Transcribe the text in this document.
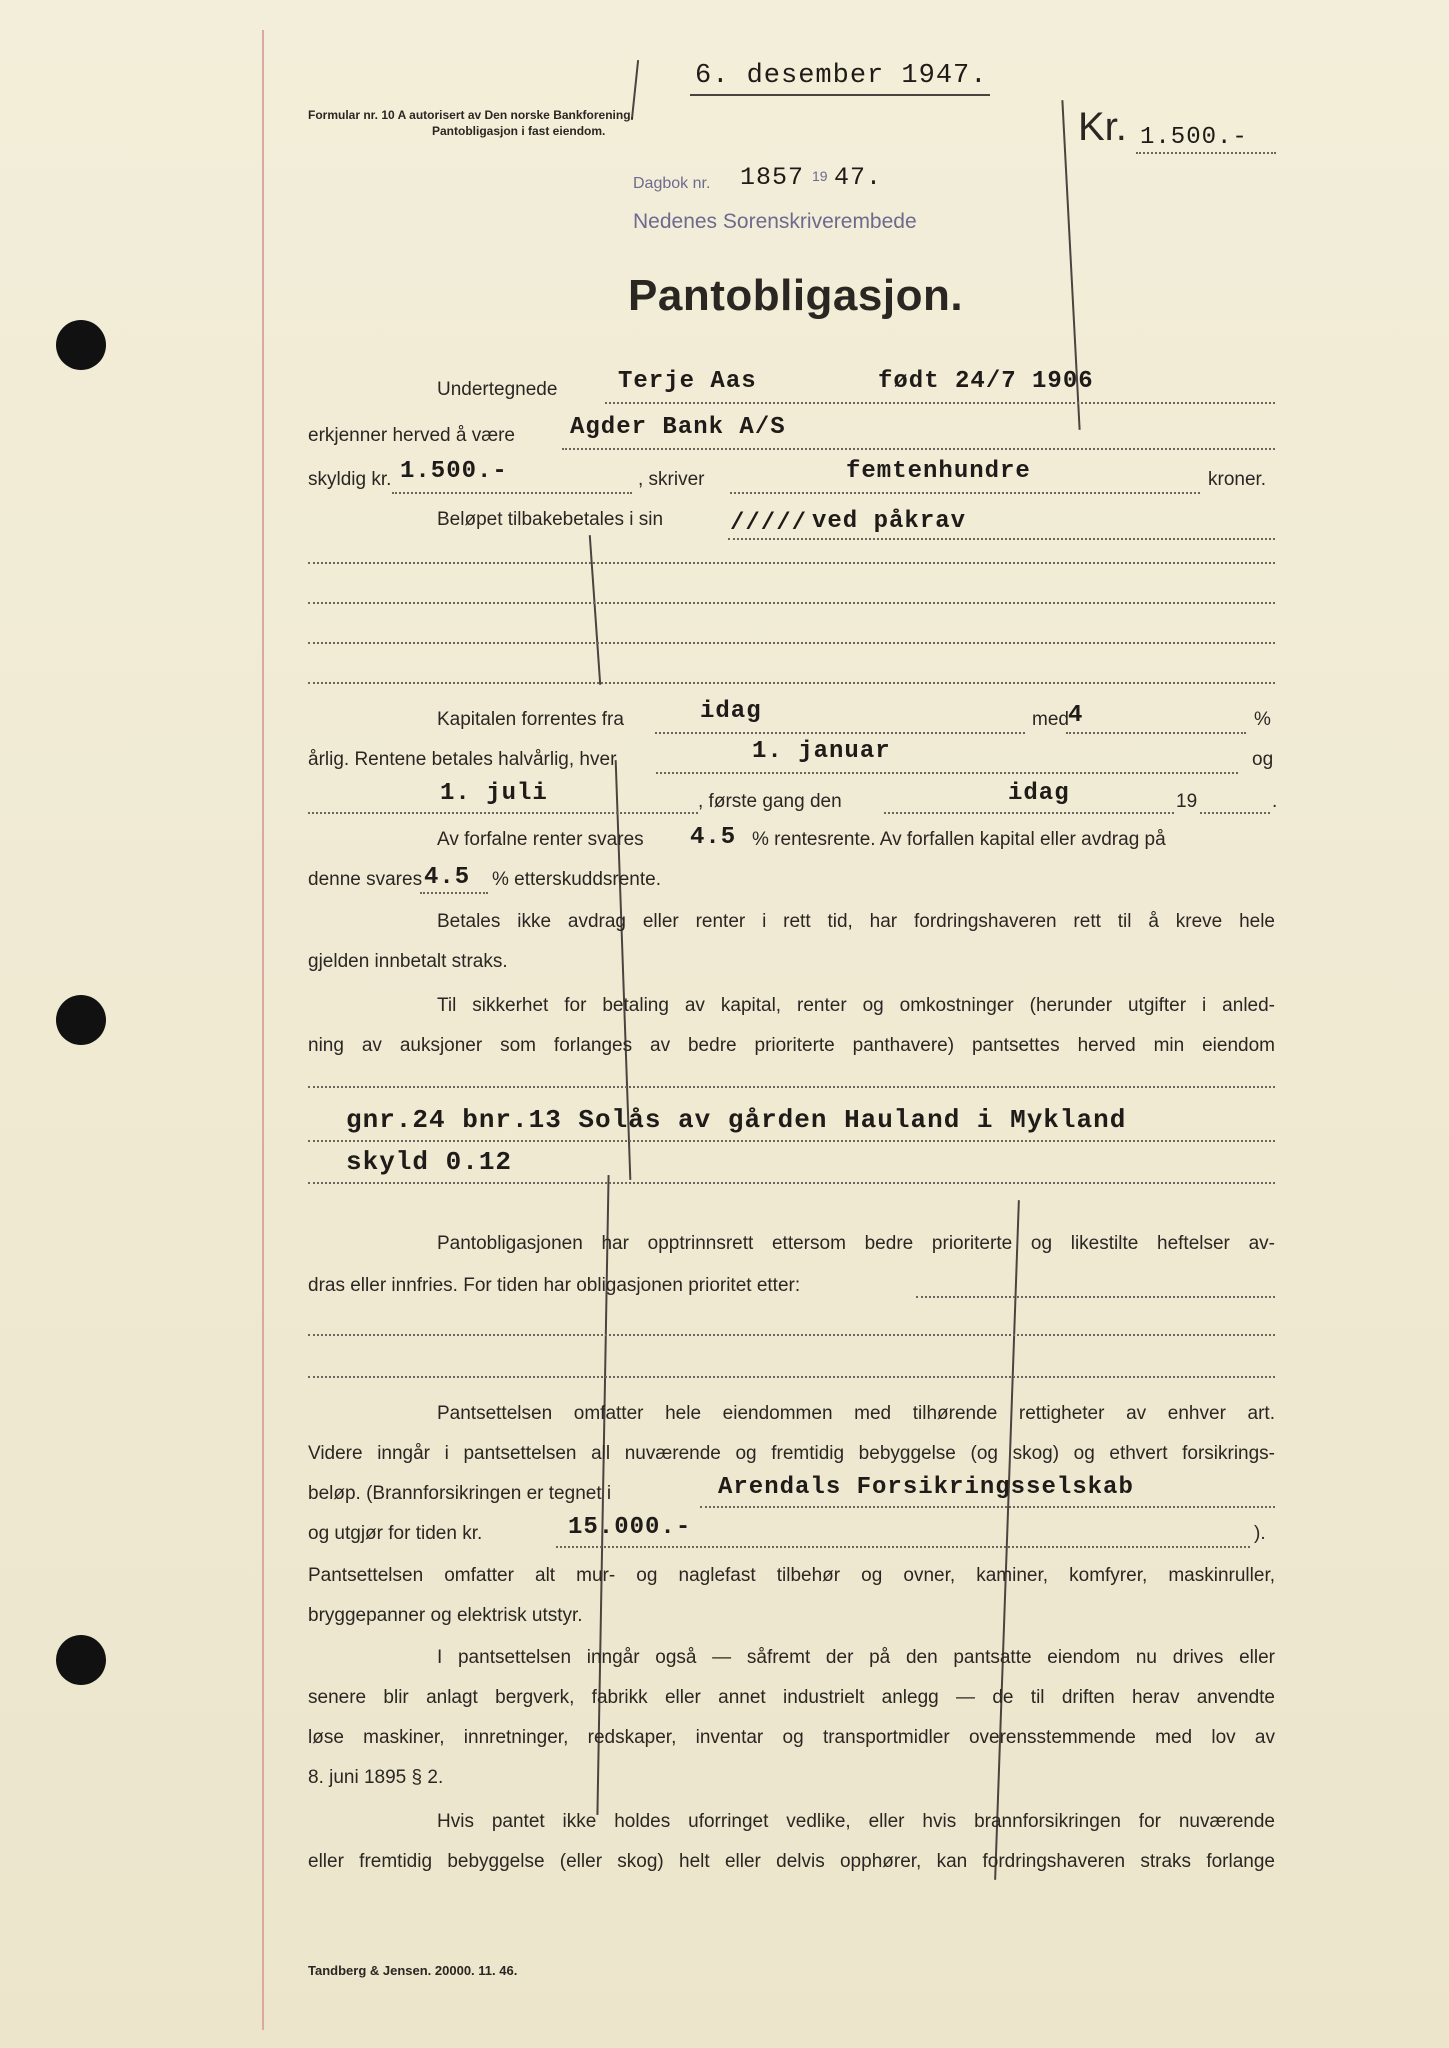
6. desember 1947.
Formular nr. 10 A autorisert av Den norske Bankforening.
Pantobligasjon i fast eiendom.	Kr. 1.500.-
Dagbok nr. 1857 19 47.
Nedenes Sorenskriverembede
Pantobligasjon.
Undertegnede	Terje Aas	født 24/7 1906
erkjenner herved å være Agder Bank A/S
skyldig kr. 1.500.-	, skriver	femtenhundre	kroner.
Beløpet tilbakebetales i sin	///// ved påkrav
Kapitalen forrentes fra	idag	med 4	%
årlig. Rentene betales halvårlig, hver	1. januar	og
1. juli	, første gang den	idag	19	.
Av forfalne renter svares 4.5 % rentesrente. Av forfallen kapital eller avdrag på
denne svares 4.5 % etterskuddsrente.
Betales ikke avdrag eller renter i rett tid, har fordringshaveren rett til å kreve hele
gjelden innbetalt straks.
Til sikkerhet for betaling av kapital, renter og omkostninger (herunder utgifter i anled-
ning av auksjoner som forlanges av bedre prioriterte panthavere) pantsettes herved min eiendom
gnr.24 bnr.13 Solås av gården Hauland i Mykland
skyld 0.12
Pantobligasjonen har opptrinnsrett ettersom bedre prioriterte og likestilte heftelser av-
dras eller innfries. For tiden har obligasjonen prioritet etter:
Pantsettelsen omfatter hele eiendommen med tilhørende rettigheter av enhver art.
Videre inngår i pantsettelsen all nuværende og fremtidig bebyggelse (og skog) og ethvert forsikrings-
beløp. (Brannforsikringen er tegnet i	Arendals Forsikringsselskab
og utgjør for tiden kr.	15.000.-	).
Pantsettelsen omfatter alt mur- og naglefast tilbehør og ovner, kaminer, komfyrer, maskinruller,
bryggepanner og elektrisk utstyr.
I pantsettelsen inngår også — såfremt der på den pantsatte eiendom nu drives eller
senere blir anlagt bergverk, fabrikk eller annet industrielt anlegg — de til driften herav anvendte
løse maskiner, innretninger, redskaper, inventar og transportmidler overensstemmende med lov av
8. juni 1895 § 2.
Hvis pantet ikke holdes uforringet vedlike, eller hvis brannforsikringen for nuværende
eller fremtidig bebyggelse (eller skog) helt eller delvis opphører, kan fordringshaveren straks forlange
Tandberg & Jensen. 20000. 11. 46.
